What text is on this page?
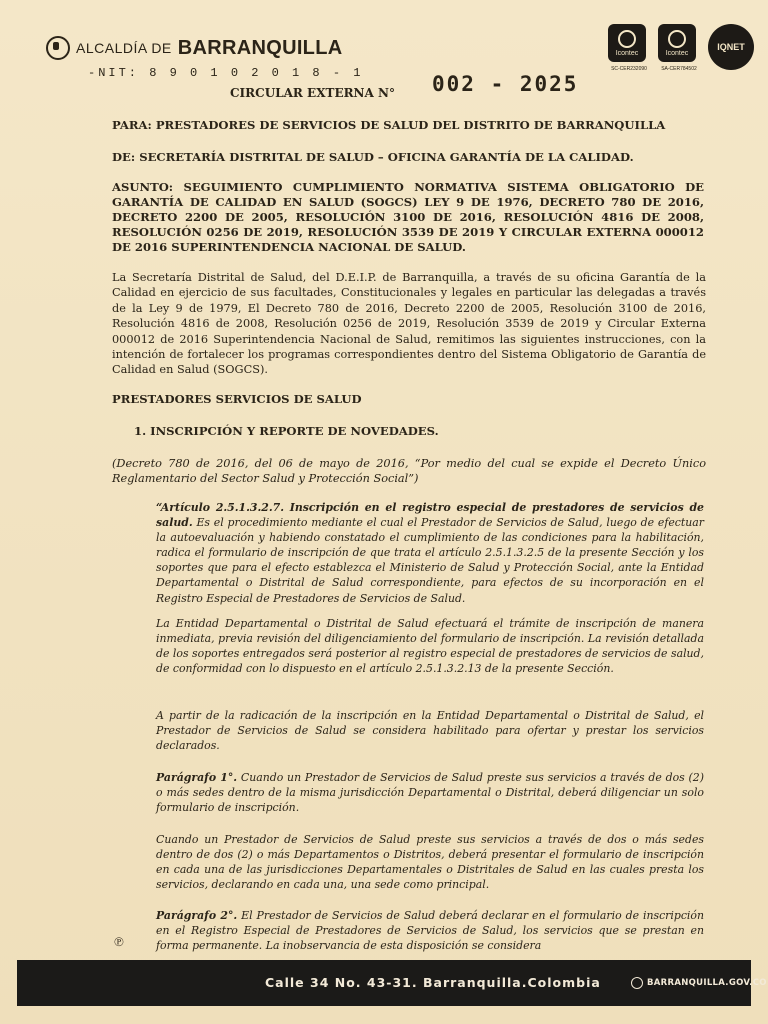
ALCALDÍA DE BARRANQUILLA
-NIT: 8 9 0 1 0 2 0 1 8 - 1
Icontec
SC-CER232090
Icontec
SA-CER784502
IQNET
CIRCULAR EXTERNA N° 002 - 2025
PARA: PRESTADORES DE SERVICIOS DE SALUD DEL DISTRITO DE BARRANQUILLA
DE: SECRETARÍA DISTRITAL DE SALUD – OFICINA GARANTÍA DE LA CALIDAD.
ASUNTO: SEGUIMIENTO CUMPLIMIENTO NORMATIVA SISTEMA OBLIGATORIO DE GARANTÍA DE CALIDAD EN SALUD (SOGCS) LEY 9 DE 1976, DECRETO 780 DE 2016, DECRETO 2200 DE 2005, RESOLUCIÓN 3100 DE 2016, RESOLUCIÓN 4816 DE 2008, RESOLUCIÓN 0256 DE 2019, RESOLUCIÓN 3539 DE 2019 Y CIRCULAR EXTERNA 000012 DE 2016 SUPERINTENDENCIA NACIONAL DE SALUD.
La Secretaría Distrital de Salud, del D.E.I.P. de Barranquilla, a través de su oficina Garantía de la Calidad en ejercicio de sus facultades, Constitucionales y legales en particular las delegadas a través de la Ley 9 de 1979, El Decreto 780 de 2016, Decreto 2200 de 2005, Resolución 3100 de 2016, Resolución 4816 de 2008, Resolución 0256 de 2019, Resolución 3539 de 2019 y Circular Externa 000012 de 2016 Superintendencia Nacional de Salud, remitimos las siguientes instrucciones, con la intención de fortalecer los programas correspondientes dentro del Sistema Obligatorio de Garantía de Calidad en Salud (SOGCS).
PRESTADORES SERVICIOS DE SALUD
1. INSCRIPCIÓN Y REPORTE DE NOVEDADES.
(Decreto 780 de 2016, del 06 de mayo de 2016, “Por medio del cual se expide el Decreto Único Reglamentario del Sector Salud y Protección Social”)
“Artículo 2.5.1.3.2.7. Inscripción en el registro especial de prestadores de servicios de salud. Es el procedimiento mediante el cual el Prestador de Servicios de Salud, luego de efectuar la autoevaluación y habiendo constatado el cumplimiento de las condiciones para la habilitación, radica el formulario de inscripción de que trata el artículo 2.5.1.3.2.5 de la presente Sección y los soportes que para el efecto establezca el Ministerio de Salud y Protección Social, ante la Entidad Departamental o Distrital de Salud correspondiente, para efectos de su incorporación en el Registro Especial de Prestadores de Servicios de Salud.
La Entidad Departamental o Distrital de Salud efectuará el trámite de inscripción de manera inmediata, previa revisión del diligenciamiento del formulario de inscripción. La revisión detallada de los soportes entregados será posterior al registro especial de prestadores de servicios de salud, de conformidad con lo dispuesto en el artículo 2.5.1.3.2.13 de la presente Sección.
A partir de la radicación de la inscripción en la Entidad Departamental o Distrital de Salud, el Prestador de Servicios de Salud se considera habilitado para ofertar y prestar los servicios declarados.
Parágrafo 1°. Cuando un Prestador de Servicios de Salud preste sus servicios a través de dos (2) o más sedes dentro de la misma jurisdicción Departamental o Distrital, deberá diligenciar un solo formulario de inscripción.
Cuando un Prestador de Servicios de Salud preste sus servicios a través de dos o más sedes dentro de dos (2) o más Departamentos o Distritos, deberá presentar el formulario de inscripción en cada una de las jurisdicciones Departamentales o Distritales de Salud en las cuales presta los servicios, declarando en cada una, una sede como principal.
Parágrafo 2°. El Prestador de Servicios de Salud deberá declarar en el formulario de inscripción en el Registro Especial de Prestadores de Servicios de Salud, los servicios que se prestan en forma permanente. La inobservancia de esta disposición se considera
℗
Calle 34 No. 43-31. Barranquilla.Colombia	BARRANQUILLA.GOV.CO
